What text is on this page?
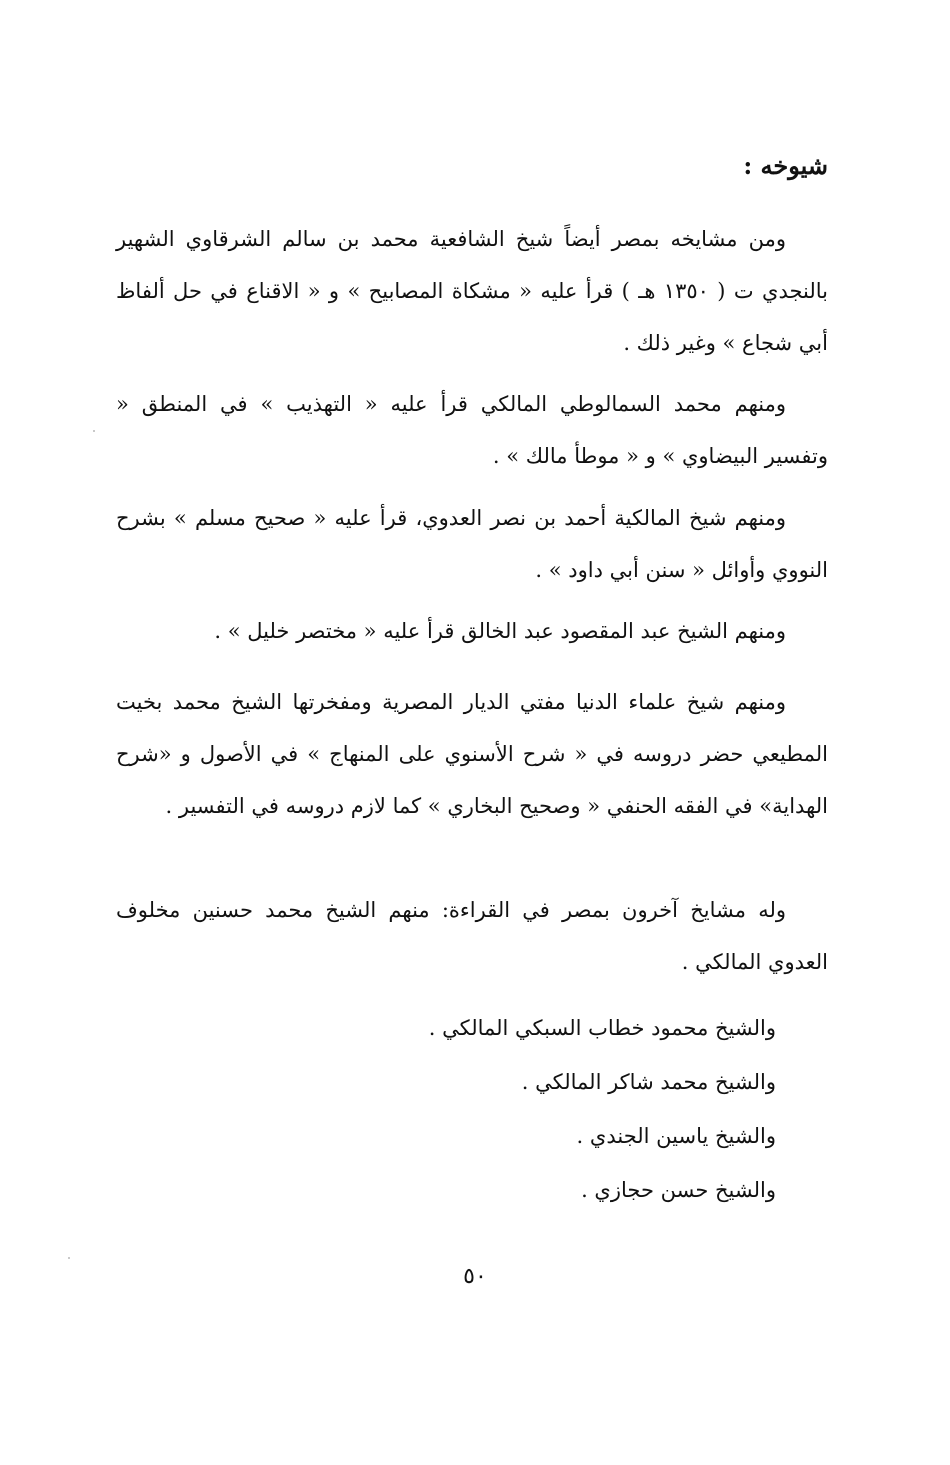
شيوخه :

ومن مشايخه بمصر أيضاً شيخ الشافعية محمد بن سالم الشرقاوي الشهير بالنجدي ت ( ١٣٥٠ هـ ) قرأ عليه « مشكاة المصابيح » و « الاقناع في حل ألفاظ أبي شجاع » وغير ذلك .

ومنهم محمد السمالوطي المالكي قرأ عليه « التهذيب » في المنطق « وتفسير البيضاوي » و « موطأ مالك » .

ومنهم شيخ المالكية أحمد بن نصر العدوي، قرأ عليه « صحيح مسلم » بشرح النووي وأوائل « سنن أبي داود » .

ومنهم الشيخ عبد المقصود عبد الخالق قرأ عليه « مختصر خليل » .

ومنهم شيخ علماء الدنيا مفتي الديار المصرية ومفخرتها الشيخ محمد بخيت المطيعي حضر دروسه في « شرح الأسنوي على المنهاج » في الأصول و «شرح الهداية» في الفقه الحنفي « وصحيح البخاري » كما لازم دروسه في التفسير .

وله مشايخ آخرون بمصر في القراءة: منهم الشيخ محمد حسنين مخلوف العدوي المالكي .

والشيخ محمود خطاب السبكي المالكي .
والشيخ محمد شاكر المالكي .
والشيخ ياسين الجندي .
والشيخ حسن حجازي .
٥٠
